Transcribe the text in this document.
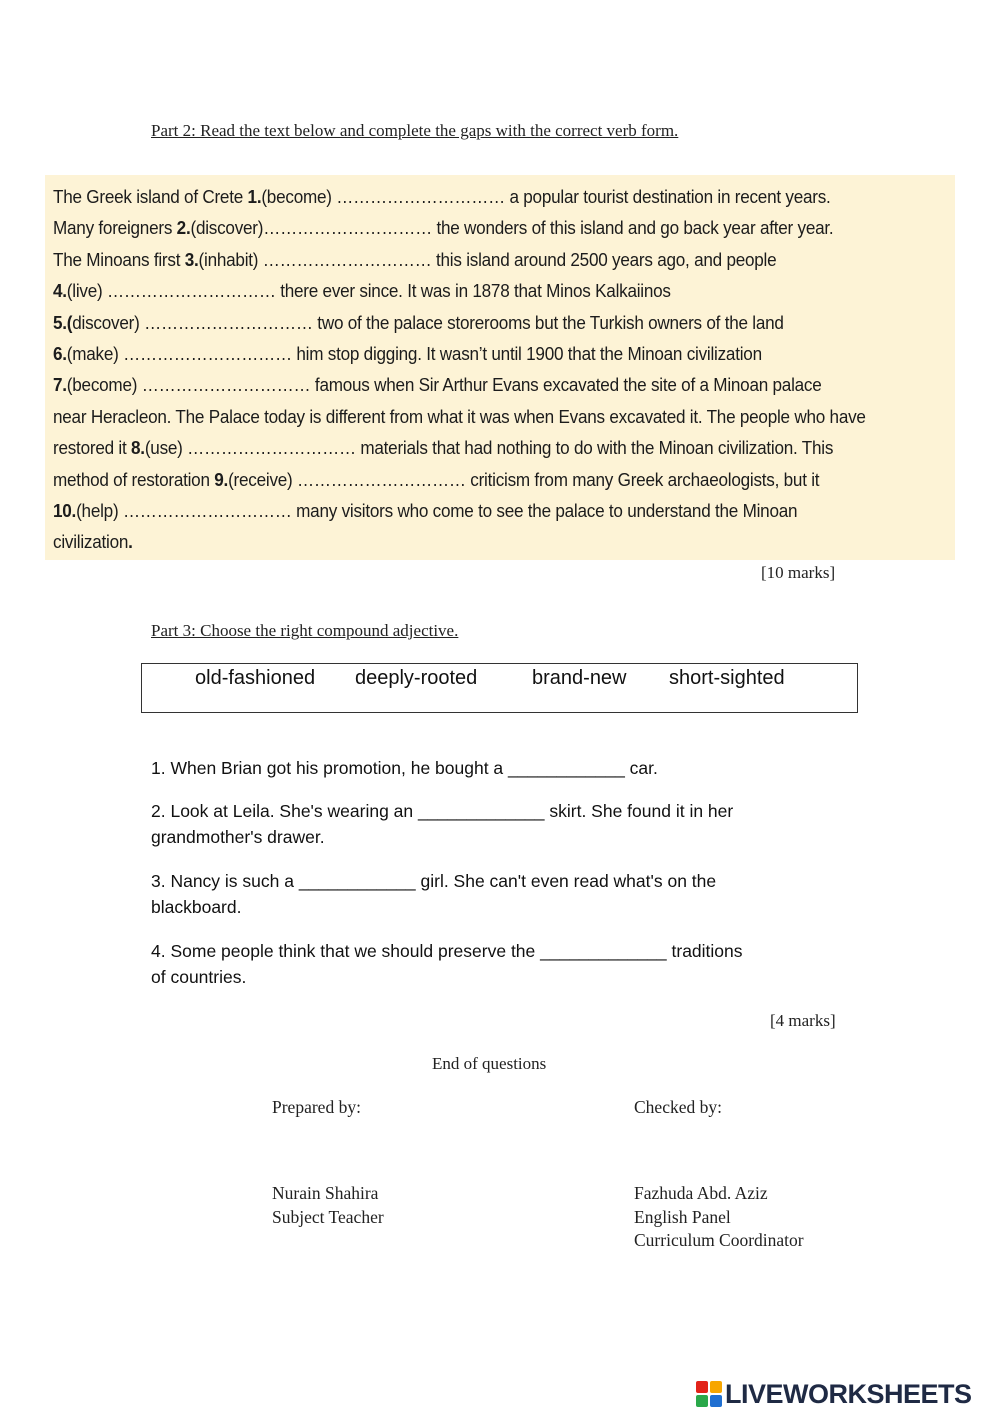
Part 2: Read the text below and complete the gaps with the correct verb form.
The Greek island of Crete 1.(become) ………………………… a popular tourist destination in recent years.
Many foreigners 2.(discover)………………………… the wonders of this island and go back year after year.
The Minoans first 3.(inhabit) ………………………… this island around 2500 years ago, and people
4.(live) ………………………… there ever since. It was in 1878 that Minos Kalkaiinos
5.(discover) ………………………… two of the palace storerooms but the Turkish owners of the land
6.(make) ………………………… him stop digging. It wasn’t until 1900 that the Minoan civilization
7.(become) ………………………… famous when Sir Arthur Evans excavated the site of a Minoan palace
near Heracleon. The Palace today is different from what it was when Evans excavated it. The people who have
restored it 8.(use) ………………………… materials that had nothing to do with the Minoan civilization. This
method of restoration 9.(receive) ………………………… criticism from many Greek archaeologists, but it
10.(help) ………………………… many visitors who come to see the palace to understand the Minoan
civilization.
[10 marks]
Part 3: Choose the right compound adjective.
old-fashioned deeply-rooted	brand-new short-sighted
1. When Brian got his promotion, he bought a ____________ car.
2. Look at Leila. She's wearing an _____________ skirt. She found it in her
grandmother's drawer.
3. Nancy is such a ____________ girl. She can't even read what's on the
blackboard.
4. Some people think that we should preserve the _____________ traditions
of countries.
[4 marks]
End of questions
Prepared by:	Checked by:
Nurain Shahira
Subject Teacher
Fazhuda Abd. Aziz
English Panel
Curriculum Coordinator
LIVEWORKSHEETS
